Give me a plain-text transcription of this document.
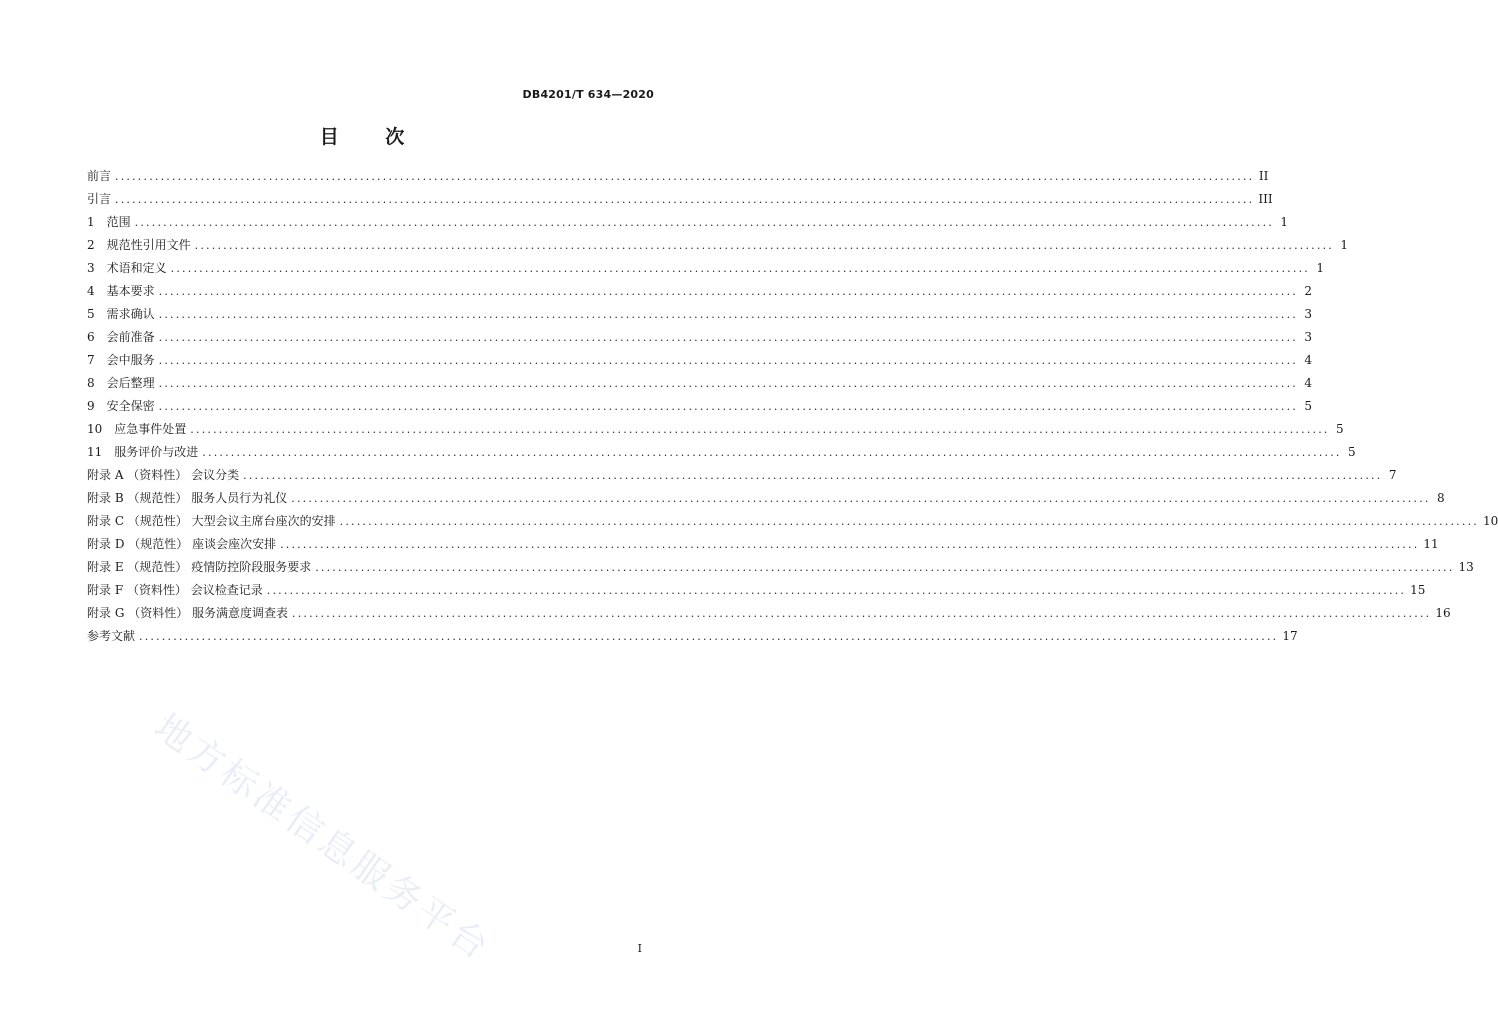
DB4201/T 634—2020
目 次
前言 ........................................................................................................................................................................................................ II
引言 ........................................................................................................................................................................................................ III
1 范围 ........................................................................................................................................................................................................ 1
2 规范性引用文件 ........................................................................................................................................................................................................ 1
3 术语和定义 ........................................................................................................................................................................................................ 1
4 基本要求 ........................................................................................................................................................................................................ 2
5 需求确认 ........................................................................................................................................................................................................ 3
6 会前准备 ........................................................................................................................................................................................................ 3
7 会中服务 ........................................................................................................................................................................................................ 4
8 会后整理 ........................................................................................................................................................................................................ 4
9 安全保密 ........................................................................................................................................................................................................ 5
10 应急事件处置 ........................................................................................................................................................................................................ 5
11 服务评价与改进 ........................................................................................................................................................................................................ 5
附录 A （资料性） 会议分类 ........................................................................................................................................................................................................ 7
附录 B （规范性） 服务人员行为礼仪 ........................................................................................................................................................................................................ 8
附录 C （规范性） 大型会议主席台座次的安排 ........................................................................................................................................................................................................ 10
附录 D （规范性） 座谈会座次安排 ........................................................................................................................................................................................................ 11
附录 E （规范性） 疫情防控阶段服务要求 ........................................................................................................................................................................................................ 13
附录 F （资料性） 会议检查记录 ........................................................................................................................................................................................................ 15
附录 G （资料性） 服务满意度调查表 ........................................................................................................................................................................................................ 16
参考文献 ........................................................................................................................................................................................................ 17
地方标准信息服务平台	I
